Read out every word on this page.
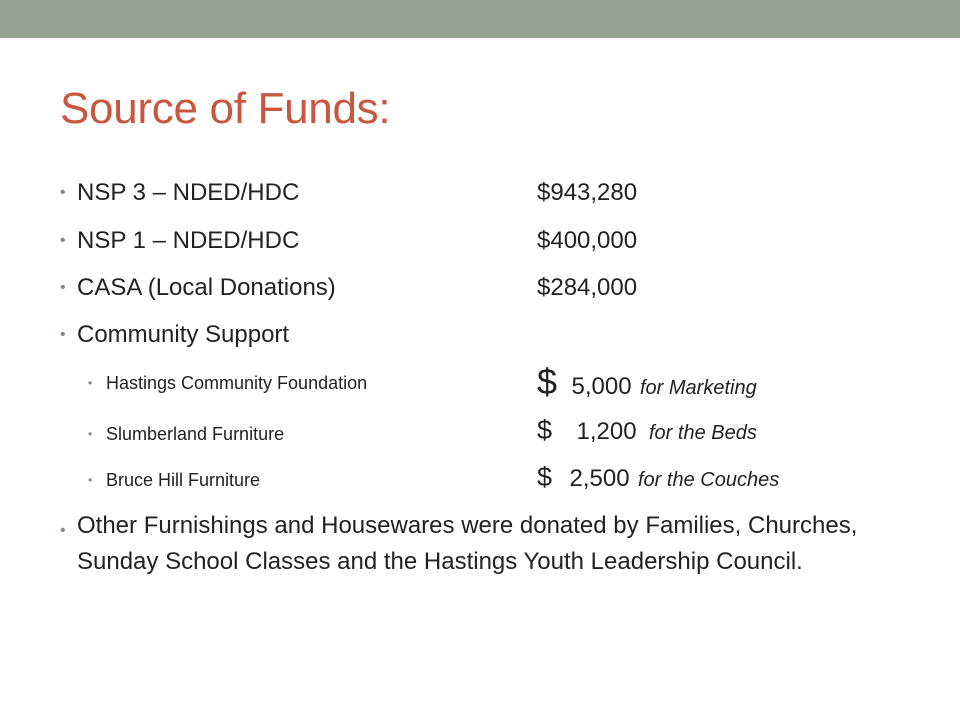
Source of Funds:
• NSP 3 – NDED/HDC	$943,280
• NSP 1 – NDED/HDC	$400,000
• CASA (Local Donations)	$284,000
• Community Support
• Hastings Community Foundation	$ 5,000 for Marketing
• Slumberland Furniture	$ 1,200 for the Beds
• Bruce Hill Furniture	$ 2,500 for the Couches
• Other Furnishings and Housewares were donated by Families, Churches, Sunday School Classes and the Hastings Youth Leadership Council.
